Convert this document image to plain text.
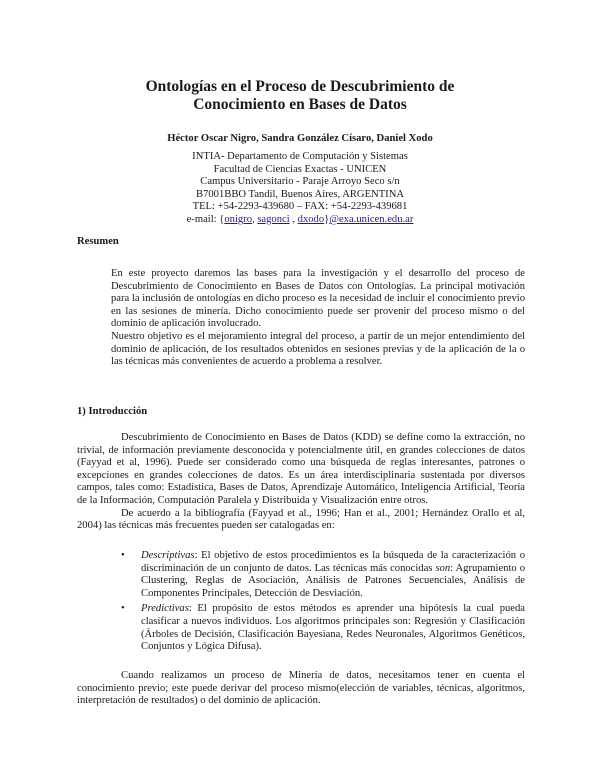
Ontologías en el Proceso de Descubrimiento de
Conocimiento en Bases de Datos
Héctor Oscar Nigro, Sandra González Císaro, Daniel Xodo
INTIA- Departamento de Computación y Sistemas
Facultad de Ciencias Exactas - UNICEN
Campus Universitario - Paraje Arroyo Seco s/n
B7001BBO Tandil, Buenos Aires, ARGENTINA
TEL: +54-2293-439680 – FAX: +54-2293-439681
e-mail: {onigro, sagonci , dxodo}@exa.unicen.edu.ar
Resumen

En este proyecto daremos las bases para la investigación y el desarrollo del proceso de Descubrimiento de Conocimiento en Bases de Datos con Ontologías. La principal motivación para la inclusión de ontologías en dicho proceso es la necesidad de incluir el conocimiento previo en las sesiones de minería. Dicho conocimiento puede ser provenir del proceso mismo o del dominio de aplicación involucrado.

Nuestro objetivo es el mejoramiento integral del proceso, a partir de un mejor entendimiento del dominio de aplicación, de los resultados obtenidos en sesiones previas y de la aplicación de la o las técnicas más convenientes de acuerdo a problema a resolver.

1) Introducción

Descubrimiento de Conocimiento en Bases de Datos (KDD) se define como la extracción, no trivial, de información previamente desconocida y potencialmente útil, en grandes colecciones de datos (Fayyad et al, 1996). Puede ser considerado como una búsqueda de reglas interesantes, patrones o excepciones en grandes colecciones de datos. Es un área interdisciplinaria sustentada por diversos campos, tales como: Estadística, Bases de Datos, Aprendizaje Automático, Inteligencia Artificial, Teoría de la Información, Computación Paralela y Distribuida y Visualización entre otros.

De acuerdo a la bibliografía (Fayyad et al., 1996; Han et al., 2001; Hernández Orallo et al, 2004) las técnicas más frecuentes pueden ser catalogadas en:

• Descriptivas: El objetivo de estos procedimientos es la búsqueda de la caracterización o discriminación de un conjunto de datos. Las técnicas más conocidas son: Agrupamiento o Clustering, Reglas de Asociación, Análisis de Patrones Secuenciales, Análisis de Componentes Principales, Detección de Desviación.
• Predictivas: El propósito de estos métodos es aprender una hipótesis la cual pueda clasificar a nuevos individuos. Los algoritmos principales son: Regresión y Clasificación (Árboles de Decisión, Clasificación Bayesiana, Redes Neuronales, Algoritmos Genéticos, Conjuntos y Lógica Difusa).

Cuando realizamos un proceso de Minería de datos, necesitamos tener en cuenta el conocimiento previo; este puede derivar del proceso mismo(elección de variables, técnicas, algoritmos, interpretación de resultados) o del dominio de aplicación.
